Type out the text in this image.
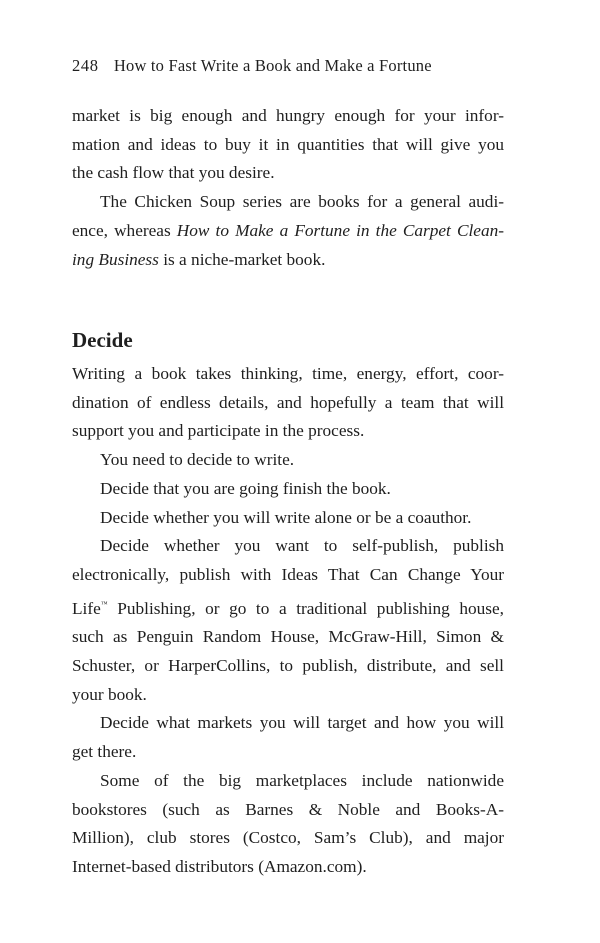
248 How to Fast Write a Book and Make a Fortune

market is big enough and hungry enough for your infor-
mation and ideas to buy it in quantities that will give you
the cash flow that you desire.

The Chicken Soup series are books for a general audi-
ence, whereas How to Make a Fortune in the Carpet Clean-
ing Business is a niche-market book.

Decide

Writing a book takes thinking, time, energy, effort, coor-
dination of endless details, and hopefully a team that will
support you and participate in the process.

You need to decide to write.

Decide that you are going finish the book.

Decide whether you will write alone or be a coauthor.

Decide whether you want to self-publish, publish
electronically, publish with Ideas That Can Change Your
Life™ Publishing, or go to a traditional publishing house,
such as Penguin Random House, McGraw-Hill, Simon &
Schuster, or HarperCollins, to publish, distribute, and sell
your book.

Decide what markets you will target and how you will
get there.

Some of the big marketplaces include nationwide
bookstores (such as Barnes & Noble and Books-A-
Million), club stores (Costco, Sam’s Club), and major
Internet-based distributors (Amazon.com).
